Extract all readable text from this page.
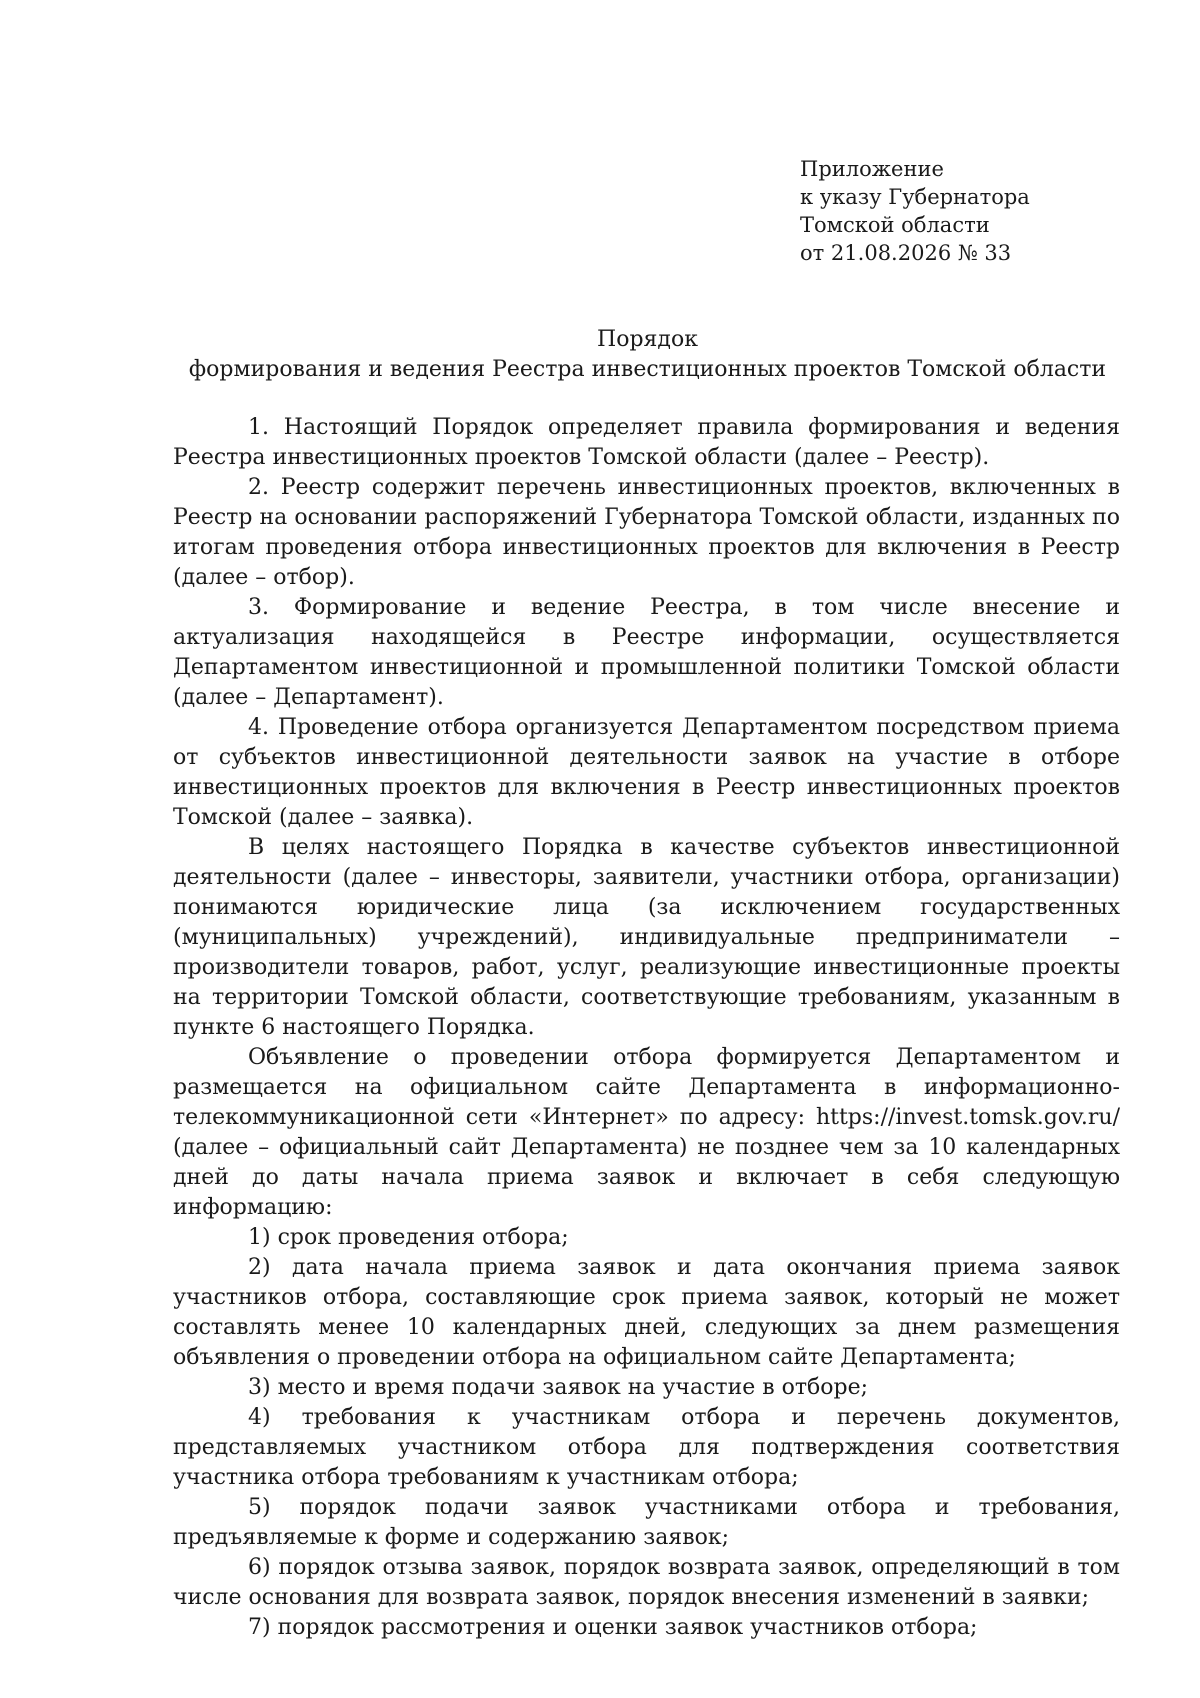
Приложение
к указу Губернатора
Томской области
от 21.08.2026 № 33
Порядок
формирования и ведения Реестра инвестиционных проектов Томской области

1. Настоящий Порядок определяет правила формирования и ведения Реестра инвестиционных проектов Томской области (далее – Реестр).

2. Реестр содержит перечень инвестиционных проектов, включенных в Реестр на основании распоряжений Губернатора Томской области, изданных по итогам проведения отбора инвестиционных проектов для включения в Реестр (далее – отбор).

3. Формирование и ведение Реестра, в том числе внесение и актуализация находящейся в Реестре информации, осуществляется Департаментом инвестиционной и промышленной политики Томской области (далее – Департамент).

4. Проведение отбора организуется Департаментом посредством приема от субъектов инвестиционной деятельности заявок на участие в отборе инвестиционных проектов для включения в Реестр инвестиционных проектов Томской (далее – заявка).

В целях настоящего Порядка в качестве субъектов инвестиционной деятельности (далее – инвесторы, заявители, участники отбора, организации) понимаются юридические лица (за исключением государственных (муниципальных) учреждений), индивидуальные предприниматели – производители товаров, работ, услуг, реализующие инвестиционные проекты на территории Томской области, соответствующие требованиям, указанным в пункте 6 настоящего Порядка.

Объявление о проведении отбора формируется Департаментом и размещается на официальном сайте Департамента в информационно-телекоммуникационной сети «Интернет» по адресу: https://invest.tomsk.gov.ru/ (далее – официальный сайт Департамента) не позднее чем за 10 календарных дней до даты начала приема заявок и включает в себя следующую информацию:

1) срок проведения отбора;

2) дата начала приема заявок и дата окончания приема заявок участников отбора, составляющие срок приема заявок, который не может составлять менее 10 календарных дней, следующих за днем размещения объявления о проведении отбора на официальном сайте Департамента;

3) место и время подачи заявок на участие в отборе;

4) требования к участникам отбора и перечень документов, представляемых участником отбора для подтверждения соответствия участника отбора требованиям к участникам отбора;

5) порядок подачи заявок участниками отбора и требования, предъявляемые к форме и содержанию заявок;

6) порядок отзыва заявок, порядок возврата заявок, определяющий в том числе основания для возврата заявок, порядок внесения изменений в заявки;

7) порядок рассмотрения и оценки заявок участников отбора;
